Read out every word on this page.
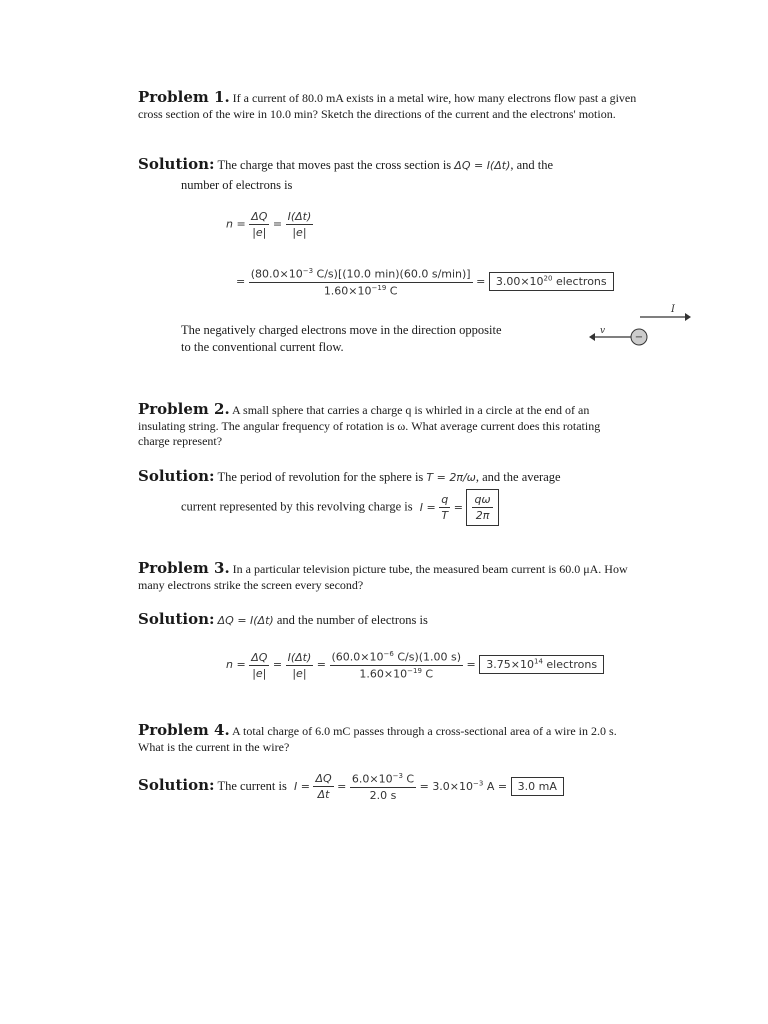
Problem 1. If a current of 80.0 mA exists in a metal wire, how many electrons flow past a given cross section of the wire in 10.0 min? Sketch the directions of the current and the electrons' motion.
Solution: The charge that moves past the cross section is ΔQ = I(Δt), and the
number of electrons is
$n = \frac{\Delta Q}{|e|} = \frac{I(\Delta t)}{|e|}$
= $\frac{(80.0\times 10^{-3} C/s)[(10.0 \min)(60.0 s/\min)]}{1.60\times 10^{-19} C} = 3.00\times 10^{20}$ electrons
The negatively charged electrons move in the direction opposite to the conventional current flow.
I
v
−
Problem 2. A small sphere that carries a charge q is whirled in a circle at the end of an insulating string. The angular frequency of rotation is ω. What average current does this rotating charge represent?
Solution: The period of revolution for the sphere is T = 2π/ω, and the average
current represented by this revolving charge is $I = \frac{q}{T} = \frac{q\omega}{2\pi}$
Problem 3. In a particular television picture tube, the measured beam current is 60.0 μA. How many electrons strike the screen every second?
Solution: ΔQ = I(Δt) and the number of electrons is
$n = \frac{\Delta Q}{|e|} = \frac{I(\Delta t)}{|e|} = \frac{(60.0\times 10^{-6} C/s)(1.00 s)}{1.60\times 10^{-19} C} = 3.75\times 10^{14}$ electrons
Problem 4. A total charge of 6.0 mC passes through a cross-sectional area of a wire in 2.0 s. What is the current in the wire?
Solution: The current is $I = \frac{\Delta Q}{\Delta t} = \frac{6.0\times 10^{-3} C}{2.0 s} = 3.0\times 10^{-3}$ A = 3.0 mA
